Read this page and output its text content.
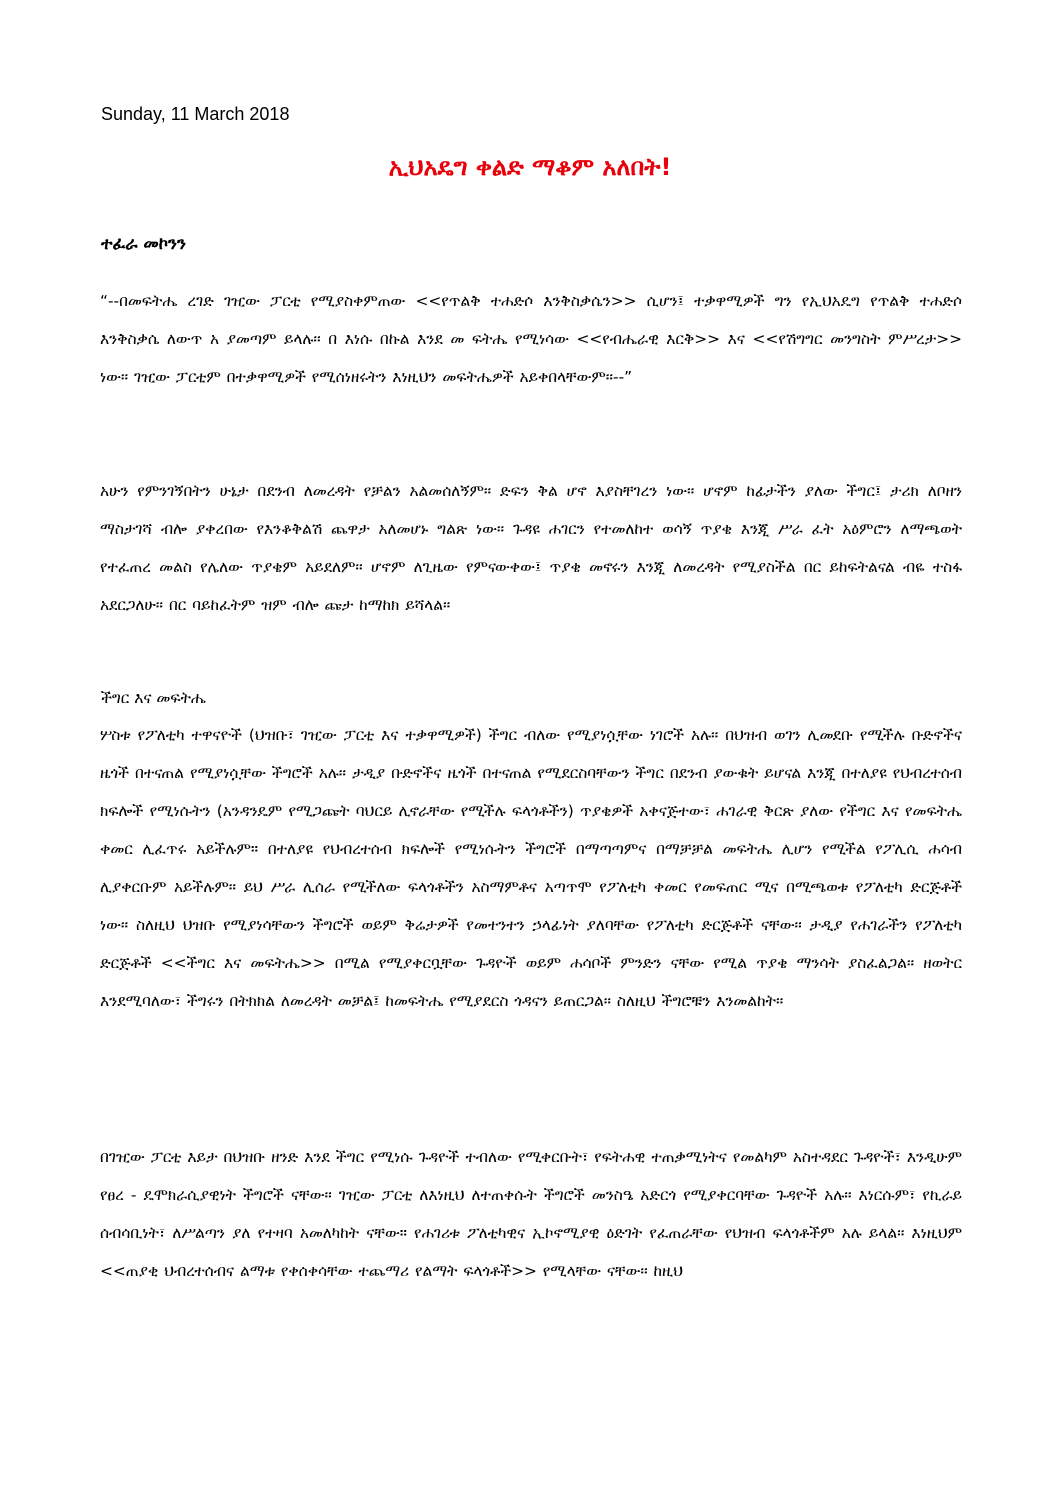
Sunday, 11 March 2018

ኢህአዴግ ቀልድ ማቆም አለበት!

ተፈራ መኮንን

“--በመፍትሔ ረገድ ገዢው ፓርቲ የሚያስቀምጠው <<የጥልቅ ተሐድሶ እንቅስቃሴን>> ሲሆን፤ ተቃዋሚዎች ግን የኢህአዴግ የጥልቅ ተሐድሶ እንቅስቃሴ ለውጥ አ ያመጣም ይላሉ፡፡ በ እነሱ በኩል እንደ መ ፍትሔ የሚነሳው <<የብሔራዊ እርቅ>> እና <<የሽግግር መንግስት ምሥረታ>> ነው፡፡ ገዢው ፓርቲም በተቃዋሚዎች የሚሰነዘሩትን እነዚህን መፍትሔዎች አይቀበላቸውም፡፡--”

አሁን የምንገኝበትን ሁኔታ በደንብ ለመረዳት የቻልን አልመሰለኝም፡፡ ድፍን ቅል ሆኖ እያስቸገረን ነው፡፡ ሆኖም ከፊታችን ያለው ችግር፤ ታሪክ ለቦዘን ማስታገሻ ብሎ ያቀረበው የእንቆቅልሽ ጨዋታ አለመሆኑ ግልጽ ነው፡፡ ጉዳዩ ሐገርን የተመለከተ ወሳኝ ጥያቄ እንጂ ሥራ ፈት አዕምሮን ለማጫወት የተፈጠረ መልስ የሌለው ጥያቄም አይደለም፡፡ ሆኖም ለጊዜው የምናውቀው፤ ጥያቄ መኖሩን እንጂ ለመረዳት የሚያስችል በር ይከፍትልናል ብዬ ተስፋ አደርጋለሁ፡፡ በር ባይከፈትም ዝም ብሎ ጩታ ከማከክ ይሻላል፡፡

ችግር እና መፍትሔ

ሦስቱ የፖለቲካ ተዋናዮች (ህዝቡ፣ ገዢው ፓርቲ እና ተቃዋሚዎች) ችግር ብለው የሚያነሷቸው ነገሮች አሉ፡፡ በህዝብ ወገን ሊመደቡ የሚችሉ ቡድኖችና ዜጎች በተናጠል የሚያነሷቸው ችግሮች አሉ፡፡ ታዲያ ቡድኖችና ዜጎች በተናጠል የሚደርስባቸውን ችግር በደንብ ያውቁት ይሆናል እንጂ በተለያዩ የህብረተሰብ ክፍሎች የሚነሱትን (አንዳንዴም የሚጋጩት ባህርይ ሊኖራቸው የሚችሉ ፍላጎቶችን) ጥያቄዎች አቀናጅተው፣ ሐገራዊ ቅርጽ ያለው የችግር እና የመፍትሔ ቀመር ሊፈጥሩ አይችሉም። በተለያዩ የህብረተሰብ ክፍሎች የሚነሱትን ችግሮች በማጣጣምና በማቻቻል መፍትሔ ሊሆን የሚችል የፖሊሲ ሐሳብ ሊያቀርቡም አይችሉም፡፡ ይህ ሥራ ሊሰራ የሚችለው ፍላጎቶችን አስማምቶና አጣጥሞ የፖለቲካ ቀመር የመፍጠር ሚና በሚጫወቱ የፖለቲካ ድርጅቶች ነው፡፡ ስለዚህ ህዝቡ የሚያነሳቸውን ችግሮች ወይም ቅሬታዎች የመተንተን ኃላፊነት ያለባቸው የፖለቲካ ድርጅቶች ናቸው፡፡ ታዲያ የሐገራችን የፖለቲካ ድርጅቶች <<ችግር እና መፍትሔ>> በሚል የሚያቀርቧቸው ጉዳዮች ወይም ሐሳቦች ምንድን ናቸው የሚል ጥያቄ ማንሳት ያስፈልጋል፡፡ ዘወትር እንደሚባለው፣ ችግሩን በትክክል ለመረዳት መቻል፤ ከመፍትሔ የሚያደርስ ጎዳናን ይጠርጋል፡፡ ስለዚህ ችግሮቹን እንመልከት፡፡

በገዢው ፓርቲ እይታ በህዝቡ ዘንድ እንደ ችግር የሚነሱ ጉዳዮች ተብለው የሚቀርቡት፣ የፍትሐዊ ተጠቃሚነትና የመልካም አስተዳደር ጉዳዮች፣ እንዲሁም የፀረ - ዴሞክራሲያዊነት ችግሮች ናቸው፡፡ ገዢው ፓርቲ ለእነዚህ ለተጠቀሱት ችግሮች መንስዔ አድርጎ የሚያቀርባቸው ጉዳዮች አሉ፡፡ እነርሱም፣ የኪራይ ሰብሳቢነት፣ ለሥልጣን ያለ የተዛባ አመለካከት ናቸው። የሐገሪቱ ፖለቲካዊና ኢኮኖሚያዊ ዕድገት የፈጠራቸው የህዝብ ፍላጎቶችም አሉ ይላል፡፡ እነዚህም <<ጠያቂ ህብረተሰብና ልማቱ የቀሰቀሳቸው ተጨማሪ የልማት ፍላጎቶች>> የሚላቸው ናቸው፡፡ ከዚህ
